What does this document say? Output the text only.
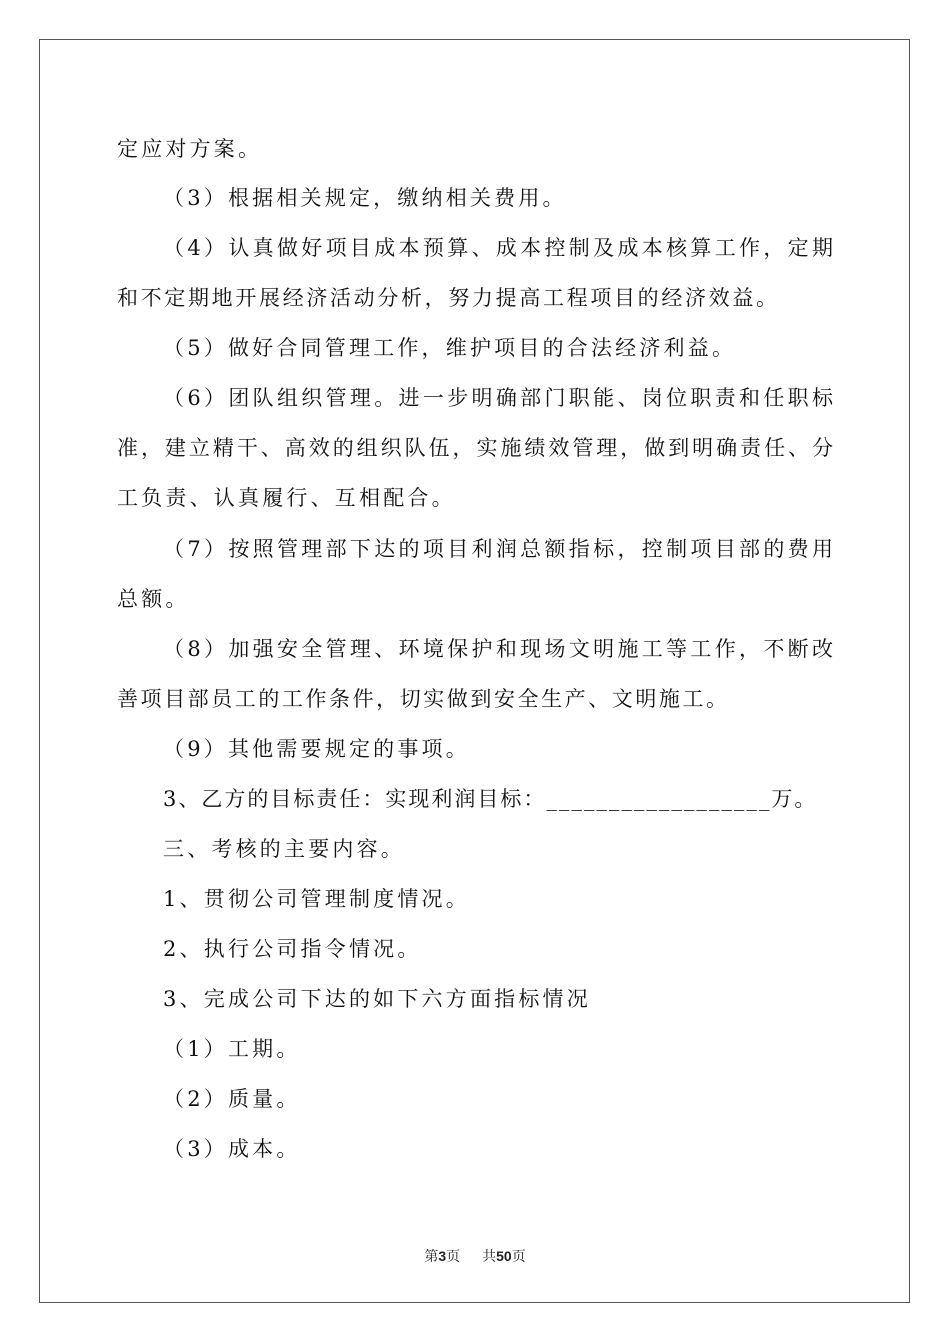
定应对方案。
（3）根据相关规定，缴纳相关费用。
（4）认真做好项目成本预算、成本控制及成本核算工作，定期
和不定期地开展经济活动分析，努力提高工程项目的经济效益。
（5）做好合同管理工作，维护项目的合法经济利益。
（6）团队组织管理。进一步明确部门职能、岗位职责和任职标
准，建立精干、高效的组织队伍，实施绩效管理，做到明确责任、分
工负责、认真履行、互相配合。
（7）按照管理部下达的项目利润总额指标，控制项目部的费用
总额。
（8）加强安全管理、环境保护和现场文明施工等工作，不断改
善项目部员工的工作条件，切实做到安全生产、文明施工。
（9）其他需要规定的事项。
3、乙方的目标责任：实现利润目标：__________________万。
三、考核的主要内容。
1、贯彻公司管理制度情况。
2、执行公司指令情况。
3、完成公司下达的如下六方面指标情况
（1）工期。
（2）质量。
（3）成本。
第3页 共50页
